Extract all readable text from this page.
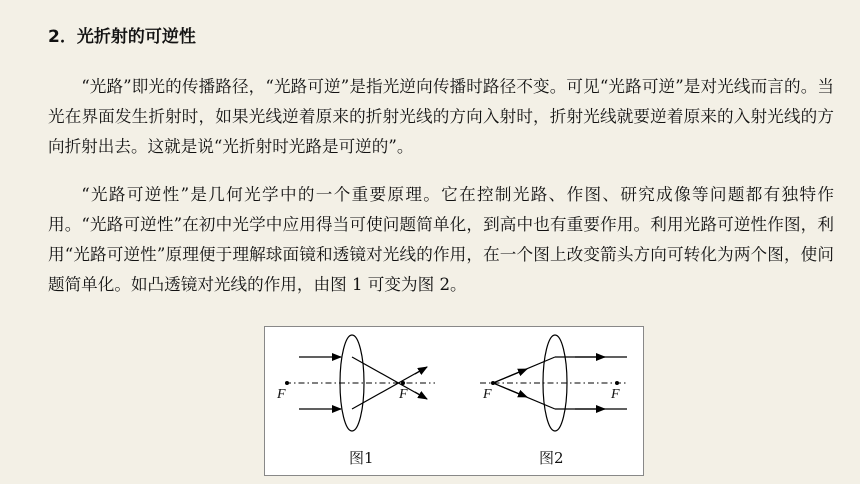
2．光折射的可逆性

“光路”即光的传播路径，“光路可逆”是指光逆向传播时路径不变。可见“光路可逆”是对光线而言的。当光在界面发生折射时，如果光线逆着原来的折射光线的方向入射时，折射光线就要逆着原来的入射光线的方向折射出去。这就是说“光折射时光路是可逆的”。

“光路可逆性”是几何光学中的一个重要原理。它在控制光路、作图、研究成像等问题都有独特作用。“光路可逆性”在初中光学中应用得当可使问题简单化，到高中也有重要作用。利用光路可逆性作图，利用“光路可逆性”原理便于理解球面镜和透镜对光线的作用，在一个图上改变箭头方向可转化为两个图，使问题简单化。如凸透镜对光线的作用，由图 1 可变为图 2。

F	F	F	F
图1	图2
